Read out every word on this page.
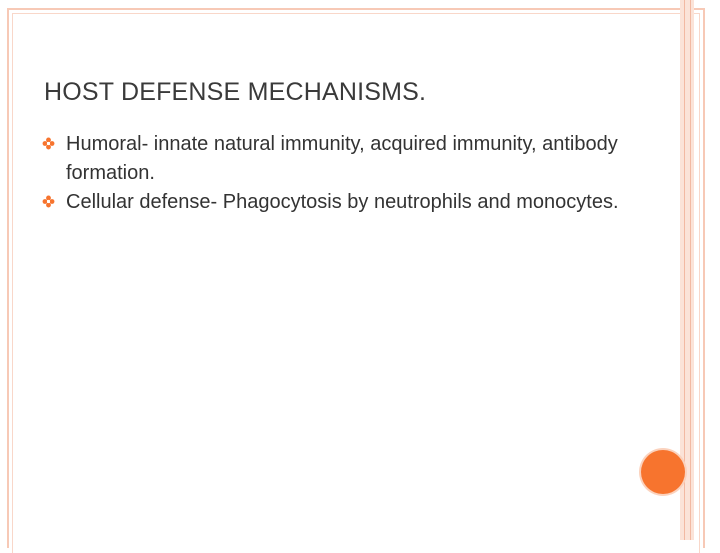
HOST DEFENSE MECHANISMS.
Humoral- innate natural immunity, acquired immunity, antibody formation.
Cellular defense- Phagocytosis by neutrophils and monocytes.
